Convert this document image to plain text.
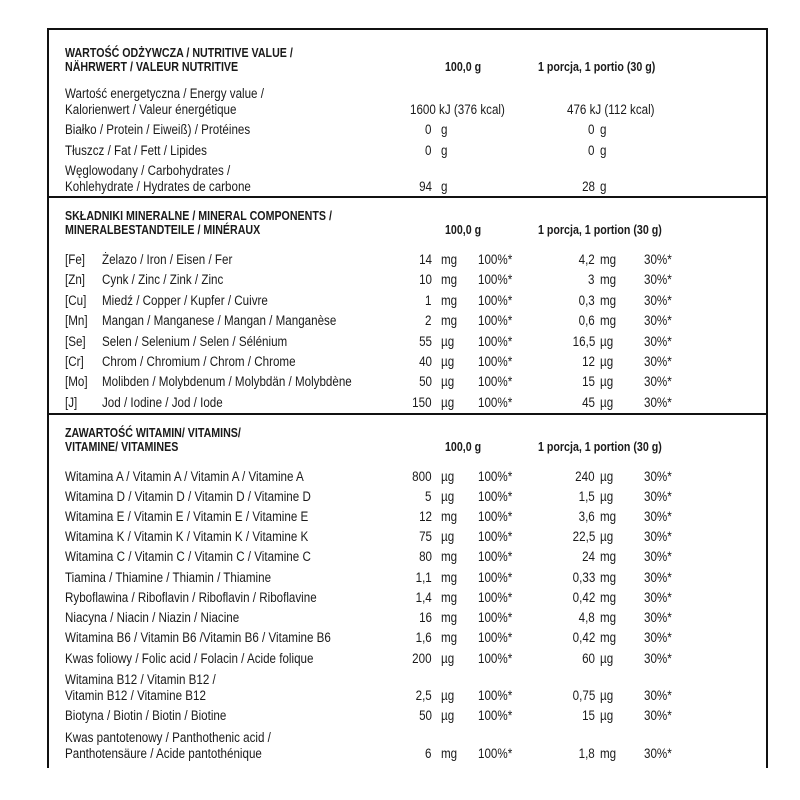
WARTOŚĆ ODŻYWCZA / NUTRITIVE VALUE /
NÄHRWERT / VALEUR NUTRITIVE	100,0 g	1 porcja, 1 portio (30 g)
Wartość energetyczna / Energy value /
Kalorienwert / Valeur énergétique	1600 kJ (376 kcal)	476 kJ (112 kcal)
Białko / Protein / Eiweiß) / Protéines	0 g	0 g
Tłuszcz / Fat / Fett / Lipides	0 g	0 g
Węglowodany / Carbohydrates /
Kohlehydrate / Hydrates de carbone	94 g	28 g
SKŁADNIKI MINERALNE / MINERAL COMPONENTS /
MINERALBESTANDTEILE / MINÉRAUX	100,0 g	1 porcja, 1 portion (30 g)
[Fe] Żelazo / Iron / Eisen / Fer	14 mg 100%*	4,2 mg 30%*
[Zn] Cynk / Zinc / Zink / Zinc	10 mg 100%*	3 mg 30%*
[Cu] Miedź / Copper / Kupfer / Cuivre	1 mg 100%*	0,3 mg 30%*
[Mn] Mangan / Manganese / Mangan / Manganèse	2 mg 100%*	0,6 mg 30%*
[Se] Selen / Selenium / Selen / Sélénium	55 µg 100%*	16,5 µg 30%*
[Cr] Chrom / Chromium / Chrom / Chrome	40 µg 100%*	12 µg 30%*
[Mo] Molibden / Molybdenum / Molybdän / Molybdène	50 µg 100%*	15 µg 30%*
[J] Jod / Iodine / Jod / Iode	150 µg 100%*	45 µg 30%*
ZAWARTOŚĆ WITAMIN/ VITAMINS/
VITAMINE/ VITAMINES	100,0 g	1 porcja, 1 portion (30 g)
Witamina A / Vitamin A / Vitamin A / Vitamine A	800 µg 100%*	240 µg 30%*
Witamina D / Vitamin D / Vitamin D / Vitamine D	5 µg 100%*	1,5 µg 30%*
Witamina E / Vitamin E / Vitamin E / Vitamine E	12 mg 100%*	3,6 mg 30%*
Witamina K / Vitamin K / Vitamin K / Vitamine K	75 µg 100%*	22,5 µg 30%*
Witamina C / Vitamin C / Vitamin C / Vitamine C	80 mg 100%*	24 mg 30%*
Tiamina / Thiamine / Thiamin / Thiamine	1,1 mg 100%*	0,33 mg 30%*
Ryboflawina / Riboflavin / Riboflavin / Riboflavine	1,4 mg 100%*	0,42 mg 30%*
Niacyna / Niacin / Niazin / Niacine	16 mg 100%*	4,8 mg 30%*
Witamina B6 / Vitamin B6 /Vitamin B6 / Vitamine B6	1,6 mg 100%*	0,42 mg 30%*
Kwas foliowy / Folic acid / Folacin / Acide folique	200 µg 100%*	60 µg 30%*
Witamina B12 / Vitamin B12 /
Vitamin B12 / Vitamine B12	2,5 µg 100%*	0,75 µg 30%*
Biotyna / Biotin / Biotin / Biotine	50 µg 100%*	15 µg 30%*
Kwas pantotenowy / Panthothenic acid /
Panthotensäure / Acide pantothénique	6 mg 100%*	1,8 mg 30%*
